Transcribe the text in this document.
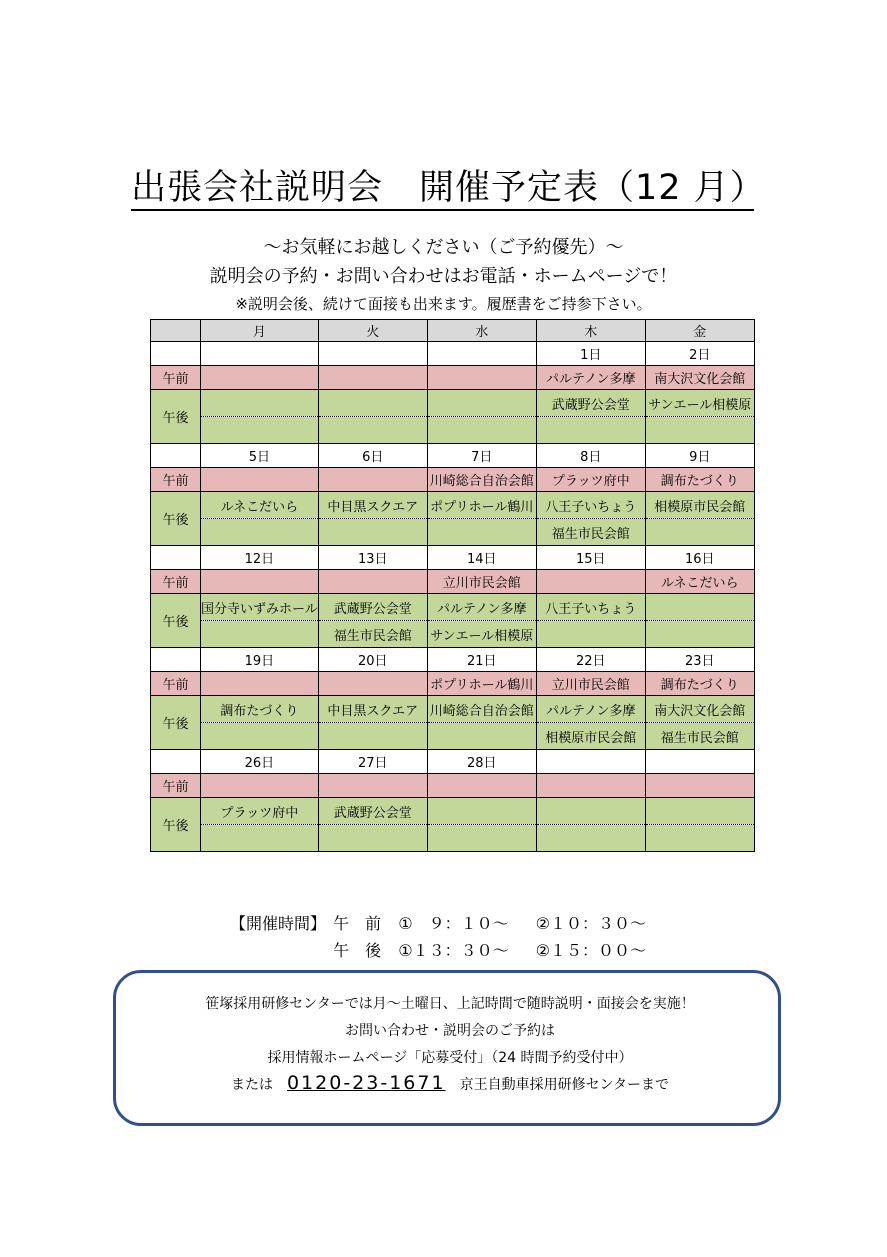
出張会社説明会　開催予定表（12 月）
～お気軽にお越しください（ご予約優先）～
説明会の予約・お問い合わせはお電話・ホームページで！
※説明会後、続けて面接も出来ます。履歴書をご持参下さい。
	月	火	水	木	金
				1日	2日
午前				パルテノン多摩	南大沢文化会館
午後				武蔵野公会堂	サンエール相模原

	5日	6日	7日	8日	9日
午前			川崎総合自治会館	プラッツ府中	調布たづくり
午後	ルネこだいら	中目黒スクエア	ポプリホール鶴川	八王子いちょう	相模原市民会館
				福生市民会館	
	12日	13日	14日	15日	16日
午前			立川市民会館		ルネこだいら
午後	国分寺いずみホール	武蔵野公会堂	パルテノン多摩	八王子いちょう	
		福生市民会館	サンエール相模原		
	19日	20日	21日	22日	23日
午前			ポプリホール鶴川	立川市民会館	調布たづくり
午後	調布たづくり	中目黒スクエア	川崎総合自治会館	パルテノン多摩	南大沢文化会館
				相模原市民会館	福生市民会館
	26日	27日	28日		
午前					
午後	プラッツ府中	武蔵野公会堂			

【開催時間】 午　前 ①　９：１０～ ②１０：３０～
午　後 ①１３：３０～ ②１５：００～
笹塚採用研修センターでは月～土曜日、上記時間で随時説明・面接会を実施！
お問い合わせ・説明会のご予約は
採用情報ホームページ「応募受付」（24 時間予約受付中）
または 0120-23-1671 京王自動車採用研修センターまで
